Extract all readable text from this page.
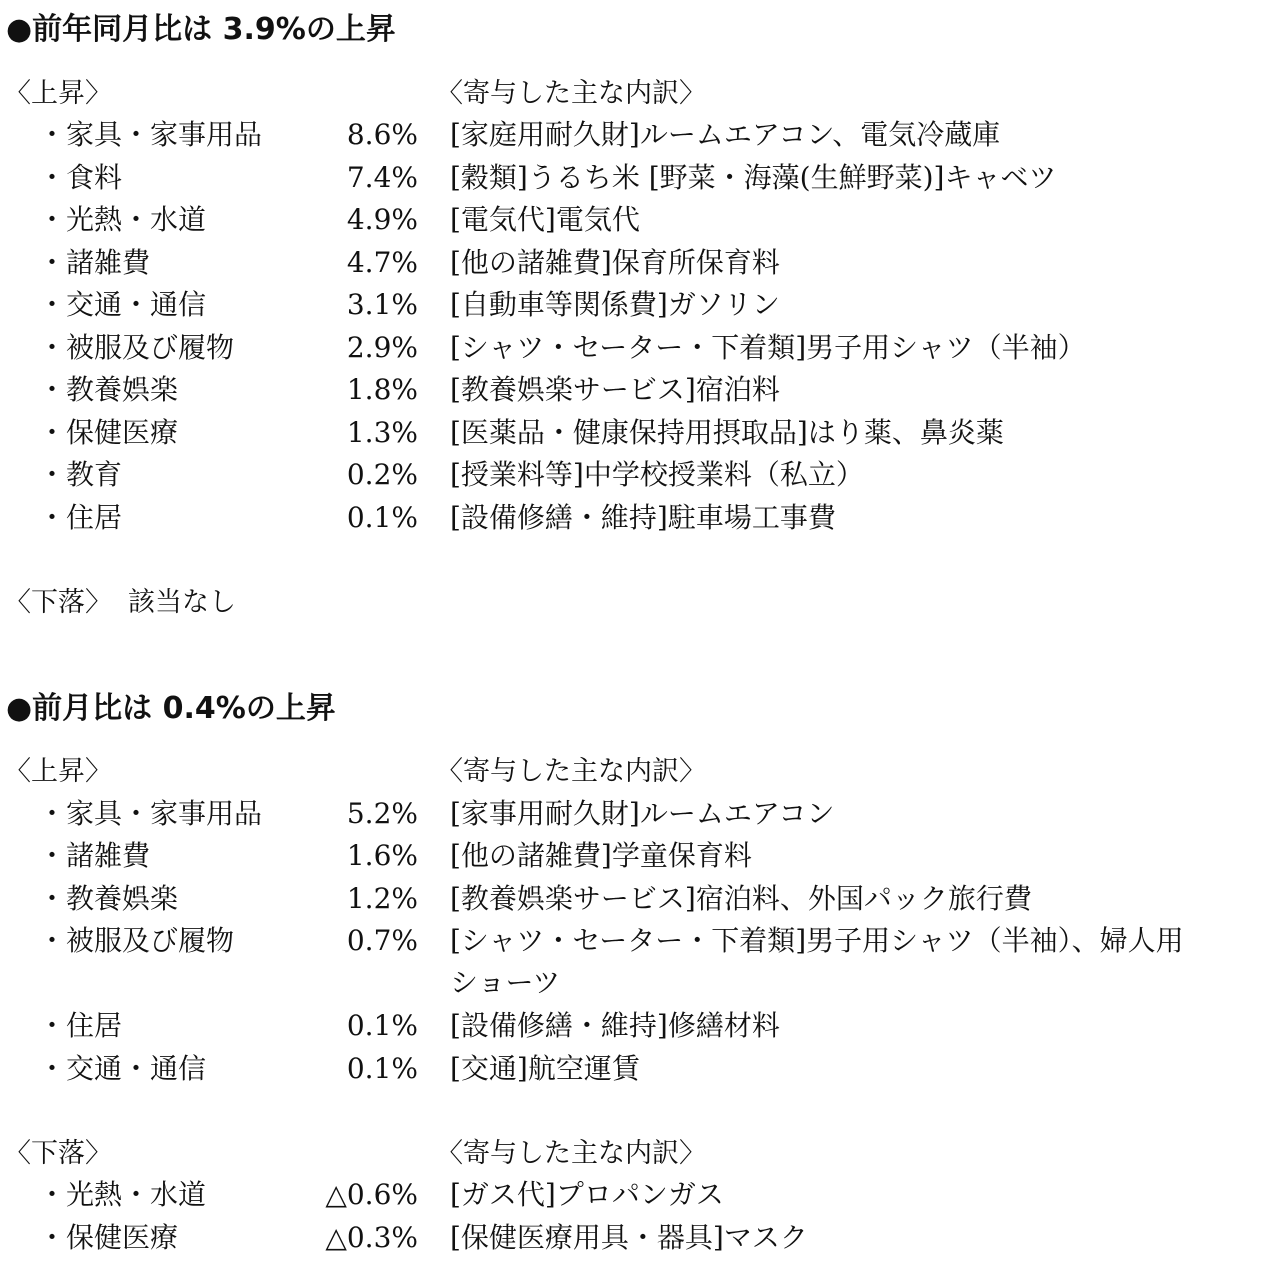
●前年同月比は 3.9%の上昇
〈上昇〉	〈寄与した主な内訳〉
・家具・家事用品	8.6% [家庭用耐久財]ルームエアコン、電気冷蔵庫
・食料	7.4% [穀類]うるち米 [野菜・海藻(生鮮野菜)]キャベツ
・光熱・水道	4.9% [電気代]電気代
・諸雑費	4.7% [他の諸雑費]保育所保育料
・交通・通信	3.1% [自動車等関係費]ガソリン
・被服及び履物	2.9% [シャツ・セーター・下着類]男子用シャツ（半袖）
・教養娯楽	1.8% [教養娯楽サービス]宿泊料
・保健医療	1.3% [医薬品・健康保持用摂取品]はり薬、鼻炎薬
・教育	0.2% [授業料等]中学校授業料（私立）
・住居	0.1% [設備修繕・維持]駐車場工事費
〈下落〉 該当なし
●前月比は 0.4%の上昇
〈上昇〉	〈寄与した主な内訳〉
・家具・家事用品	5.2% [家事用耐久財]ルームエアコン
・諸雑費	1.6% [他の諸雑費]学童保育料
・教養娯楽	1.2% [教養娯楽サービス]宿泊料、外国パック旅行費
・被服及び履物	0.7% [シャツ・セーター・下着類]男子用シャツ（半袖）、婦人用
ショーツ
・住居	0.1% [設備修繕・維持]修繕材料
・交通・通信	0.1% [交通]航空運賃
〈下落〉	〈寄与した主な内訳〉
・光熱・水道	△0.6% [ガス代]プロパンガス
・保健医療	△0.3% [保健医療用具・器具]マスク
